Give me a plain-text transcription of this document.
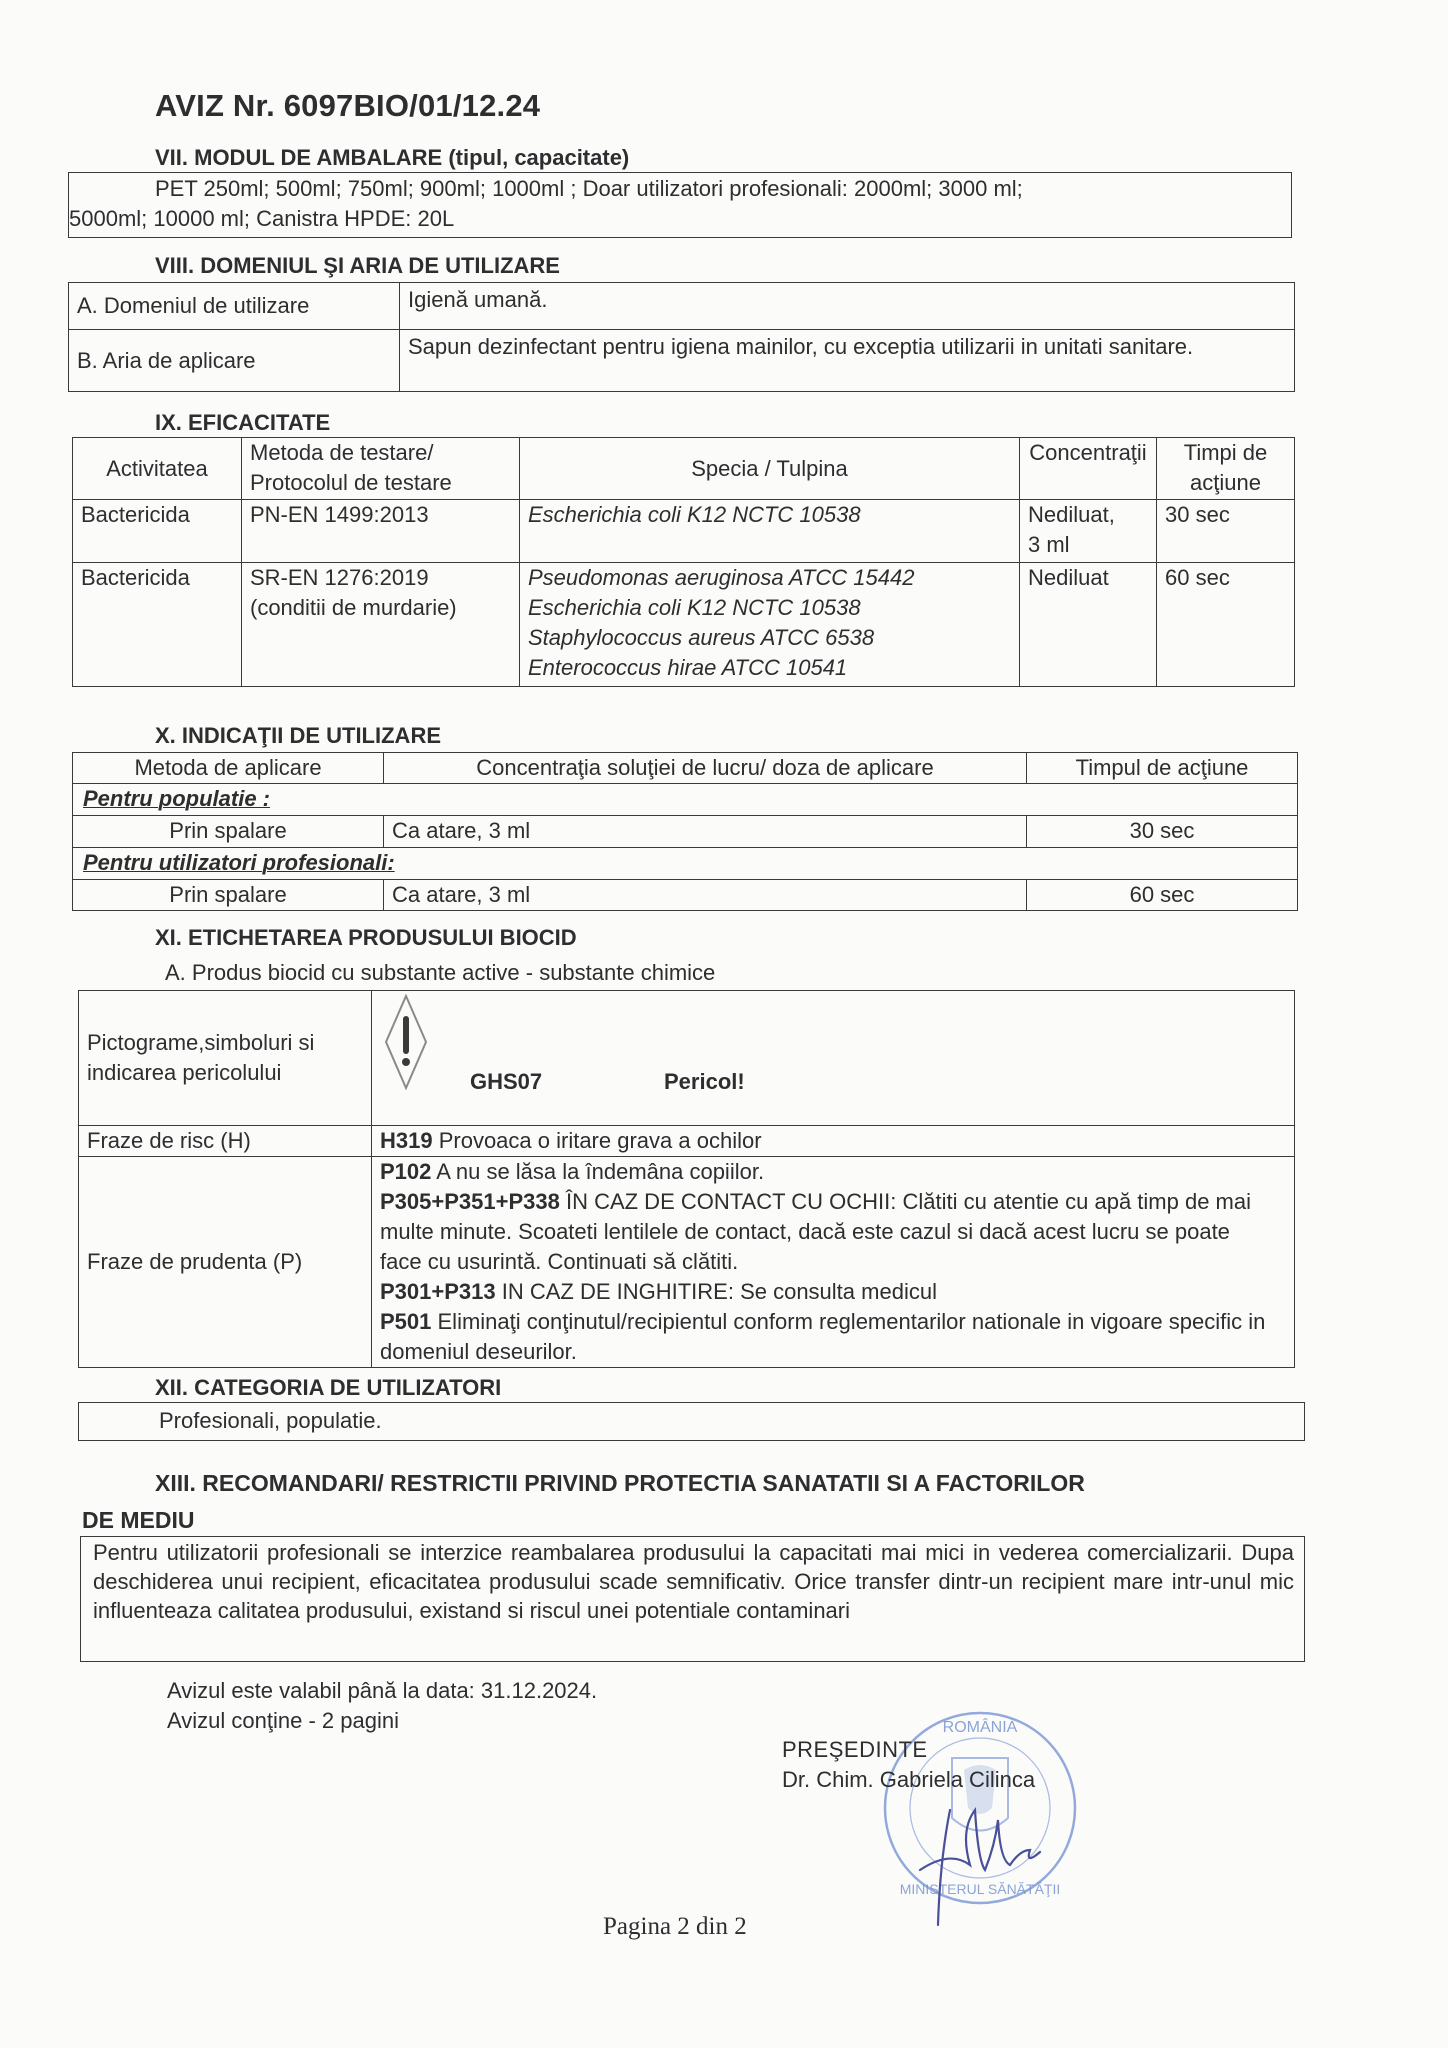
AVIZ Nr. 6097BIO/01/12.24
VII. MODUL DE AMBALARE (tipul, capacitate)
PET 250ml; 500ml; 750ml; 900ml; 1000ml ; Doar utilizatori profesionali: 2000ml; 3000 ml;
5000ml; 10000 ml; Canistra HPDE: 20L
VIII. DOMENIUL ŞI ARIA DE UTILIZARE
A. Domeniul de utilizare	Igienă umană.
B. Aria de aplicare	Sapun dezinfectant pentru igiena mainilor, cu exceptia utilizarii in unitati sanitare.
IX. EFICACITATE
Activitatea	Metoda de testare/ Protocolul de testare	Specia / Tulpina	Concentraţii	Timpi de acţiune
Bactericida	PN-EN 1499:2013	Escherichia coli K12 NCTC 10538	Nediluat, 3 ml	30 sec
Bactericida	SR-EN 1276:2019 (conditii de murdarie)	Pseudomonas aeruginosa ATCC 15442
Escherichia coli K12 NCTC 10538
Staphylococcus aureus ATCC 6538
Enterococcus hirae ATCC 10541	Nediluat	60 sec
X. INDICAŢII DE UTILIZARE
Metoda de aplicare	Concentraţia soluţiei de lucru/ doza de aplicare	Timpul de acţiune
Pentru populatie :		
Prin spalare	Ca atare, 3 ml	30 sec
Pentru utilizatori profesionali:		
Prin spalare	Ca atare, 3 ml	60 sec
XI. ETICHETAREA PRODUSULUI BIOCID
A. Produs biocid cu substante active - substante chimice
Pictograme,simboluri si indicarea pericolului	GHS07 Pericol!

Fraze de risc (H)	H319 Provoaca o iritare grava a ochilor
Fraze de prudenta (P)	P102 A nu se lăsa la îndemâna copiilor.
P305+P351+P338 ÎN CAZ DE CONTACT CU OCHII: Clătiti cu atentie cu apă timp de mai multe minute. Scoateti lentilele de contact, dacă este cazul si dacă acest lucru se poate face cu usurintă. Continuati să clătiti.
P301+P313 IN CAZ DE INGHITIRE: Se consulta medicul
P501 Eliminaţi conţinutul/recipientul conform reglementarilor nationale in vigoare specific in domeniul deseurilor.
XII. CATEGORIA DE UTILIZATORI
Profesionali, populatie.
XIII. RECOMANDARI/ RESTRICTII PRIVIND PROTECTIA SANATATII SI A FACTORILOR
DE MEDIU
Pentru utilizatorii profesionali se interzice reambalarea produsului la capacitati mai mici in vederea comercializarii. Dupa deschiderea unui recipient, eficacitatea produsului scade semnificativ. Orice transfer dintr-un recipient mare intr-unul mic influenteaza calitatea produsului, existand si riscul unei potentiale contaminari
Avizul este valabil până la data: 31.12.2024.
Avizul conţine - 2 pagini	ROMÂNIA
MINISTERUL SĂNĂTĂŢII
PREŞEDINTE
Dr. Chim. Gabriela Cilinca
Pagina 2 din 2
